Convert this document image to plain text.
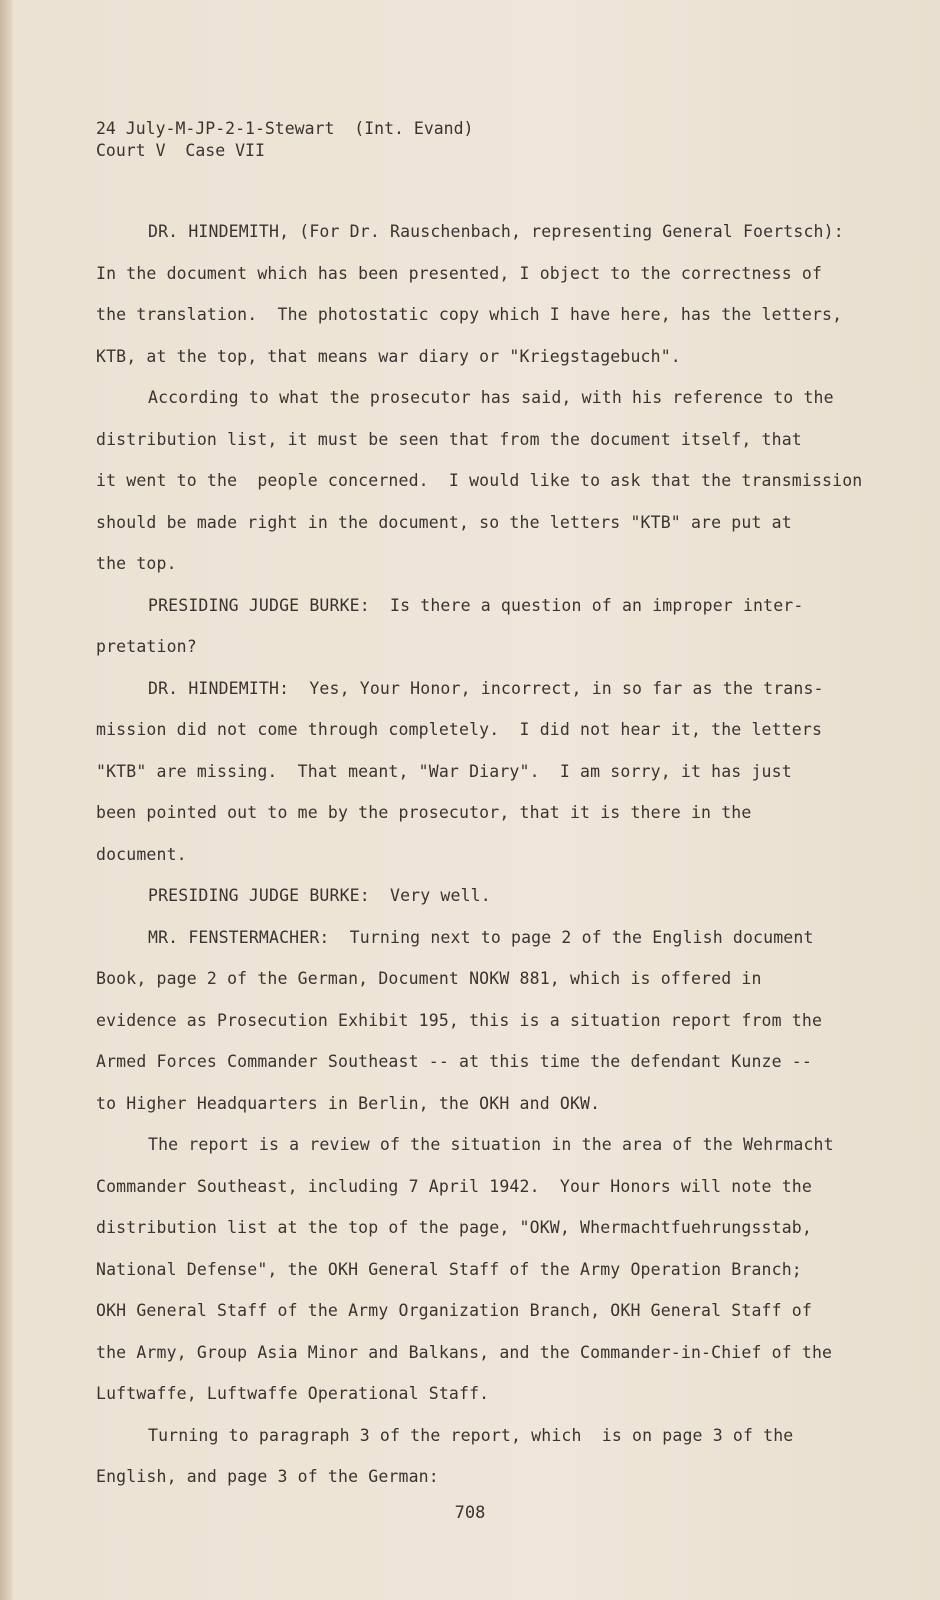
24 July-M-JP-2-1-Stewart  (Int. Evand)
Court V  Case VII
DR. HINDEMITH, (For Dr. Rauschenbach, representing General Foertsch):
In the document which has been presented, I object to the correctness of
the translation.  The photostatic copy which I have here, has the letters,
KTB, at the top, that means war diary or "Kriegstagebuch".
According to what the prosecutor has said, with his reference to the
distribution list, it must be seen that from the document itself, that
it went to the  people concerned.  I would like to ask that the transmission
should be made right in the document, so the letters "KTB" are put at
the top.
PRESIDING JUDGE BURKE:  Is there a question of an improper inter-
pretation?
DR. HINDEMITH:  Yes, Your Honor, incorrect, in so far as the trans-
mission did not come through completely.  I did not hear it, the letters
"KTB" are missing.  That meant, "War Diary".  I am sorry, it has just
been pointed out to me by the prosecutor, that it is there in the
document.
PRESIDING JUDGE BURKE:  Very well.
MR. FENSTERMACHER:  Turning next to page 2 of the English document
Book, page 2 of the German, Document NOKW 881, which is offered in
evidence as Prosecution Exhibit 195, this is a situation report from the
Armed Forces Commander Southeast -- at this time the defendant Kunze --
to Higher Headquarters in Berlin, the OKH and OKW.
The report is a review of the situation in the area of the Wehrmacht
Commander Southeast, including 7 April 1942.  Your Honors will note the
distribution list at the top of the page, "OKW, Whermachtfuehrungsstab,
National Defense", the OKH General Staff of the Army Operation Branch;
OKH General Staff of the Army Organization Branch, OKH General Staff of
the Army, Group Asia Minor and Balkans, and the Commander-in-Chief of the
Luftwaffe, Luftwaffe Operational Staff.
Turning to paragraph 3 of the report, which  is on page 3 of the
English, and page 3 of the German:
708
